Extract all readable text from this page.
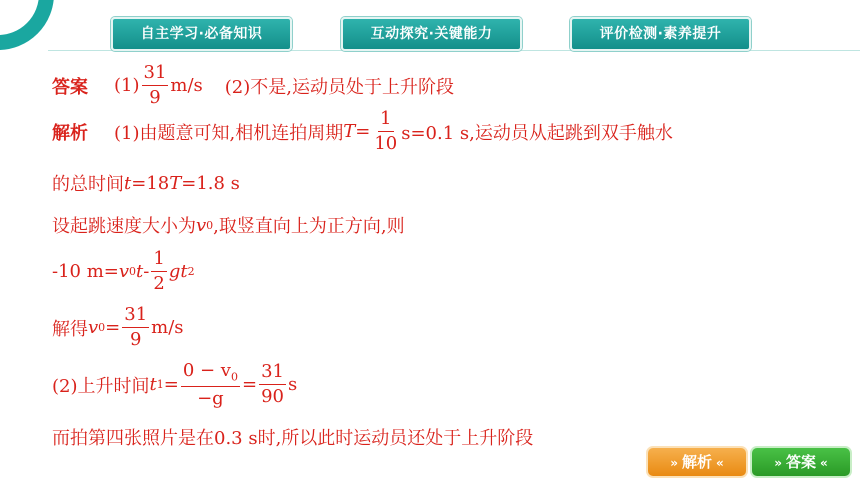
自主学习·必备知识	互动探究·关键能力	评价检测·素养提升
答案 $(1) \frac{31}{9} m/s$ (2)不是,运动员处于上升阶段
解析 (1)由题意可知,相机连拍周期 $T = \frac{1}{10} s=0.1$ s,运动员从起跳到双手触水
的总时间 t =18 T =1.8 s
设起跳速度大小为 v 0 ,取竖直向上为正方向,则
-10 m= v 0 t - $\frac{1}{2}$ g t 2
解得 v $0 = \frac{31}{9} m/s$
(2)上升时间 t $1 = \frac{0 - v_0}{-g} = \frac{31}{90}$ s
而拍第四张照片是在0.3 s时,所以此时运动员还处于上升阶段
» 解析 «	» 答案 «
